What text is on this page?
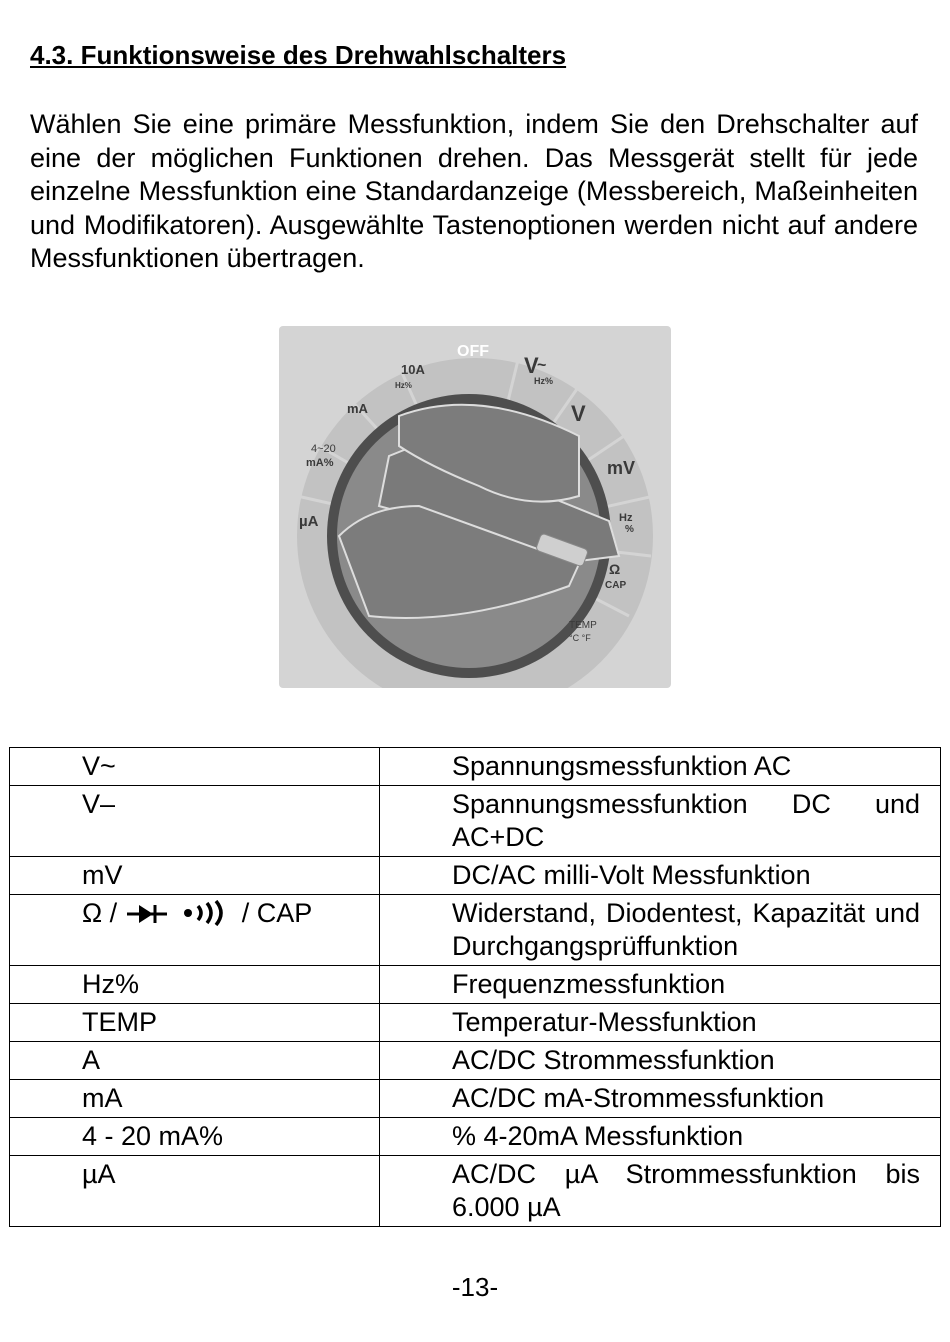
4.3. Funktionsweise des Drehwahlschalters

Wählen Sie eine primäre Messfunktion, indem Sie den Drehschalter auf eine der möglichen Funktionen drehen. Das Messgerät stellt für jede einzelne Messfunktion eine Standardanzeige (Messbereich, Maßeinheiten und Modifikatoren). Ausgewählte Tastenoptionen werden nicht auf andere Messfunktionen übertragen.

OFF
V
~
Hz%
V
mV
Hz
%
Ω
CAP
TEMP
°C °F
10A
Hz%
mA
4~20
mA%
µA
V~	Spannungsmessfunktion AC
V–	Spannungsmessfunktion DC und AC+DC
mV	DC/AC milli-Volt Messfunktion
Ω / / CAP	Widerstand, Diodentest, Kapazität und Durchgangsprüffunktion
Hz%	Frequenzmessfunktion
TEMP	Temperatur-Messfunktion
A	AC/DC Strommessfunktion
mA	AC/DC mA-Strommessfunktion
4 - 20 mA%	% 4-20mA Messfunktion
µA	AC/DC µA Strommessfunktion bis 6.000 µA
-13-
